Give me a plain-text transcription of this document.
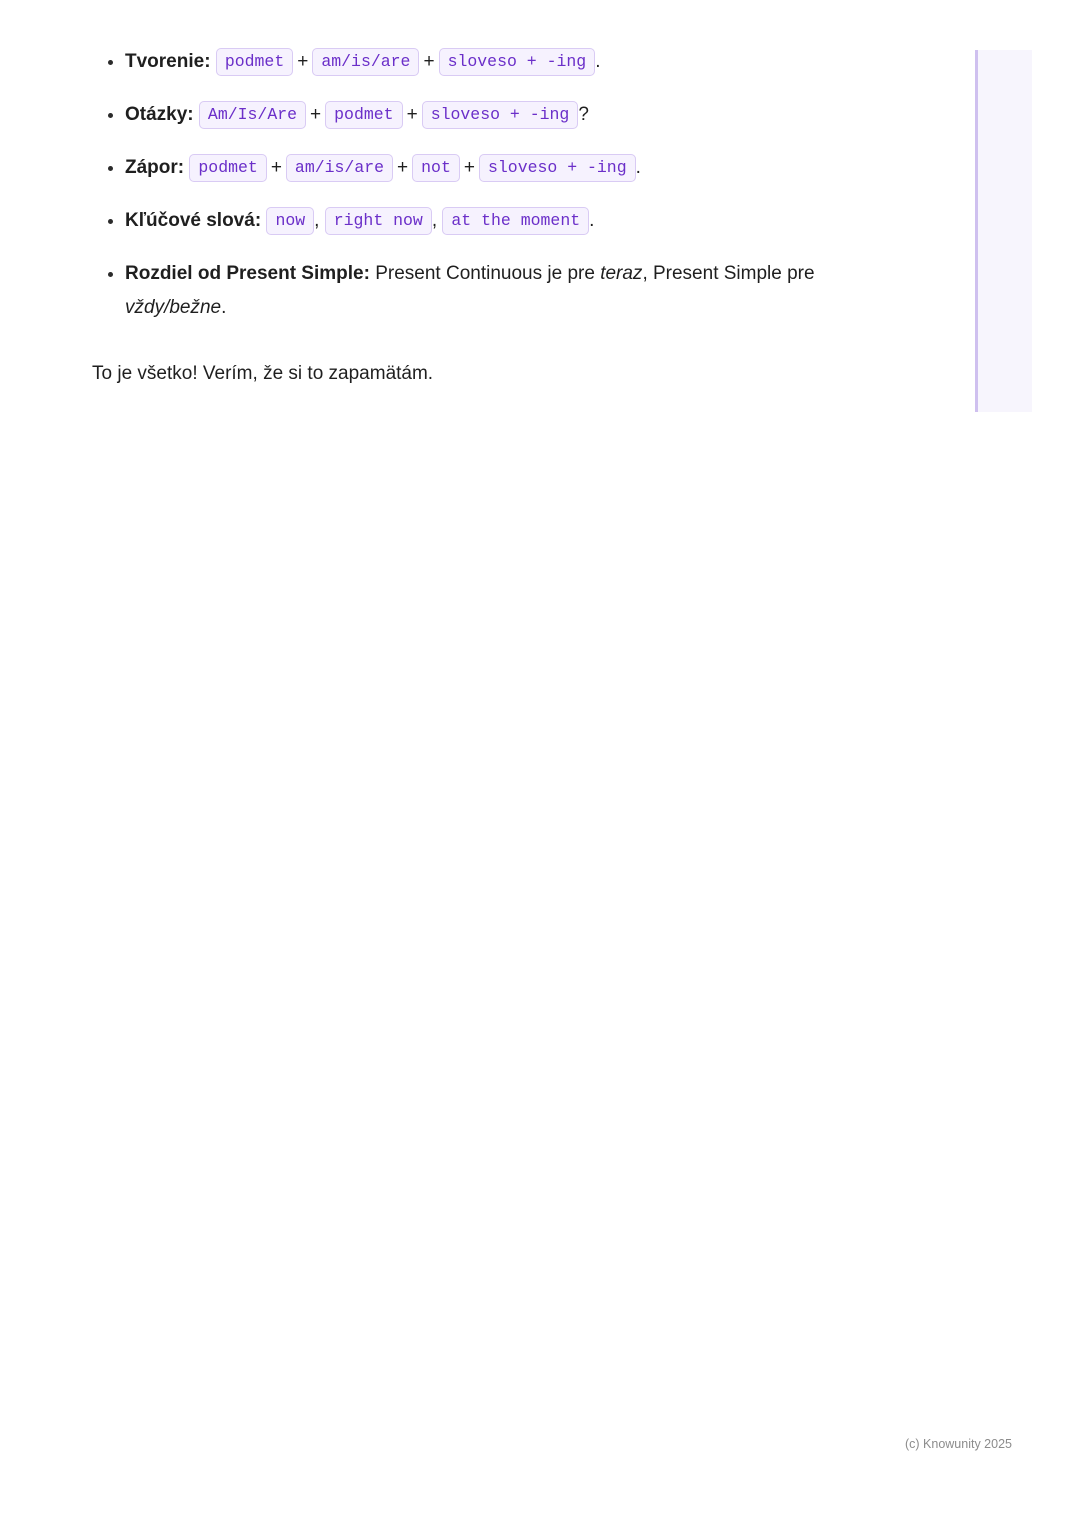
• Tvorenie: podmet + am/is/are + sloveso + -ing .
• Otázky: Am/Is/Are + podmet + sloveso + -ing ?
• Zápor: podmet + am/is/are + not + sloveso + -ing .
• Kľúčové slová: now , right now , at the moment .
• Rozdiel od Present Simple: Present Continuous je pre teraz, Present Simple pre vždy/bežne.

To je všetko! Verím, že si to zapamätám.

(c) Knowunity 2025
